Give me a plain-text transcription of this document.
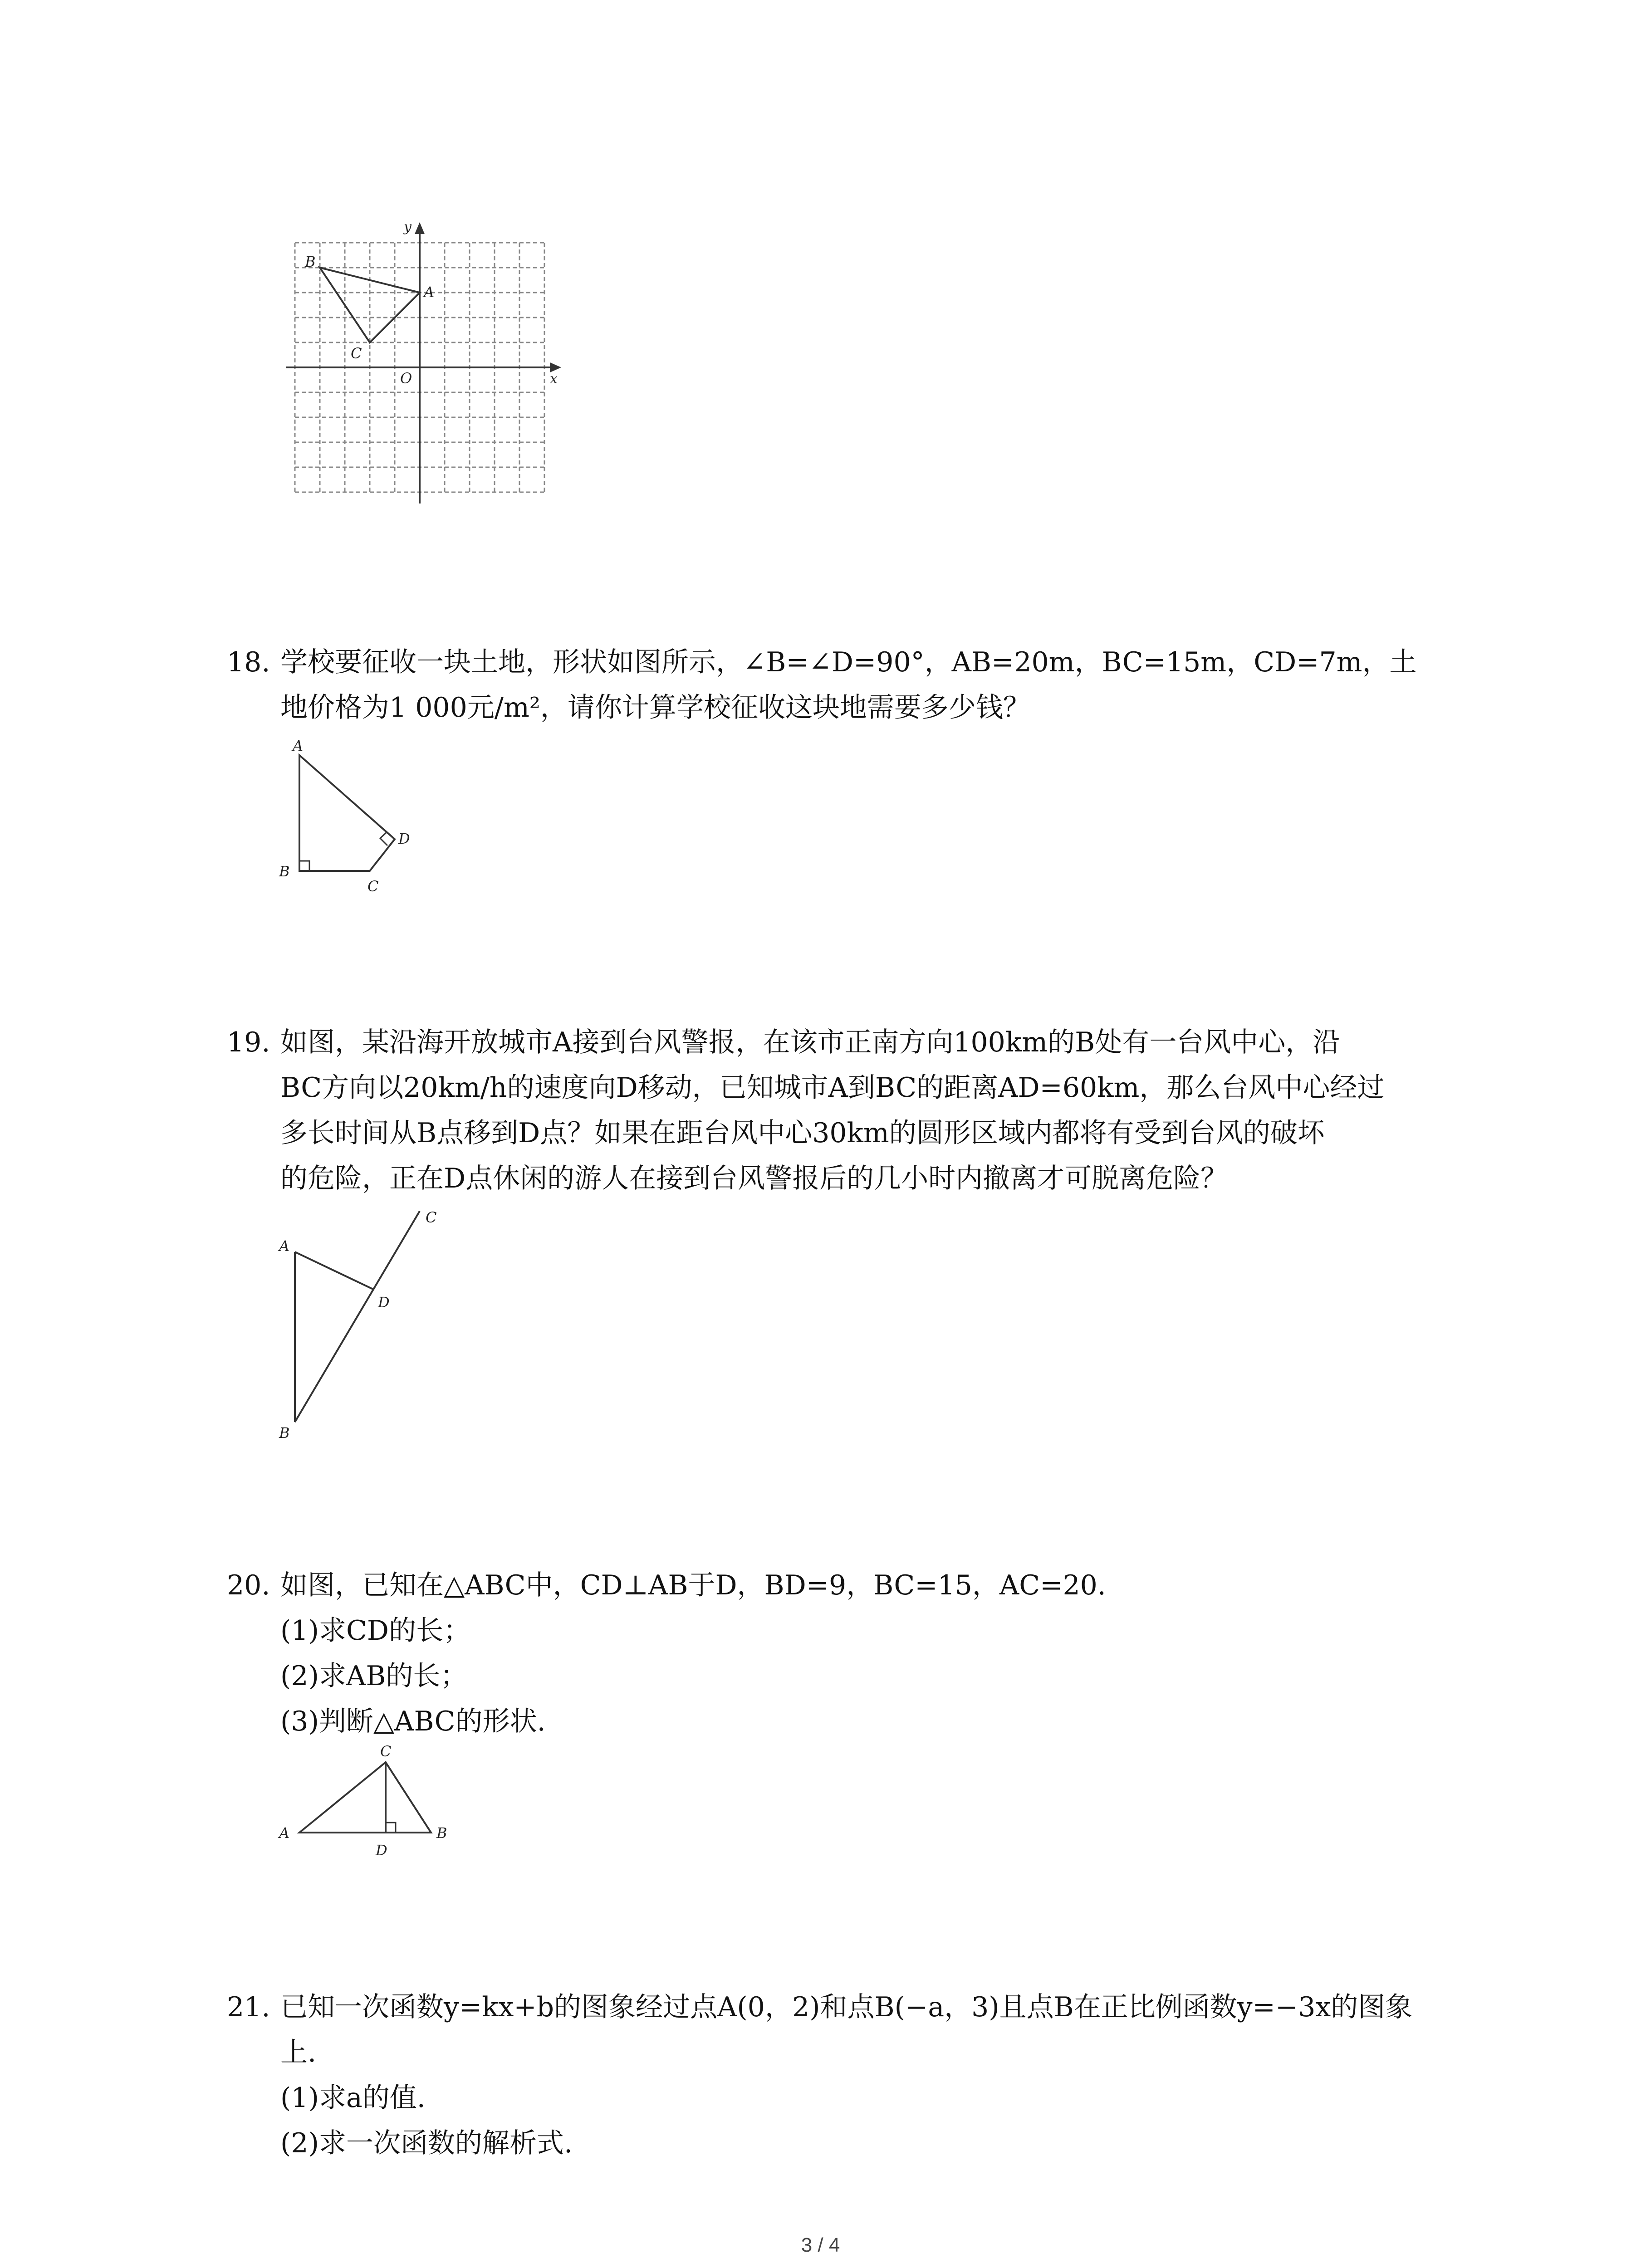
y
x
B
A
C
O

18. 学校要征收一块土地，形状如图所示，∠B=∠D=90°，AB=20m，BC=15m，CD=7m，土

地价格为1 000元/m²，请你计算学校征收这块地需要多少钱？

A
D
B
C

19. 如图，某沿海开放城市A接到台风警报，在该市正南方向100km的B处有一台风中心，沿

BC方向以20km/h的速度向D移动，已知城市A到BC的距离AD=60km，那么台风中心经过

多长时间从B点移到D点？如果在距台风中心30km的圆形区域内都将有受到台风的破坏

的危险，正在D点休闲的游人在接到台风警报后的几小时内撤离才可脱离危险？

C
A
D
B

20. 如图，已知在△ABC中，CD⊥AB于D，BD=9，BC=15，AC=20.

(1)求CD的长；

(2)求AB的长；

(3)判断△ABC的形状.

C
A
D
B

21. 已知一次函数y=kx+b的图象经过点A(0，2)和点B(−a，3)且点B在正比例函数y=−3x的图象

上.

(1)求a的值.

(2)求一次函数的解析式.

3 / 4
